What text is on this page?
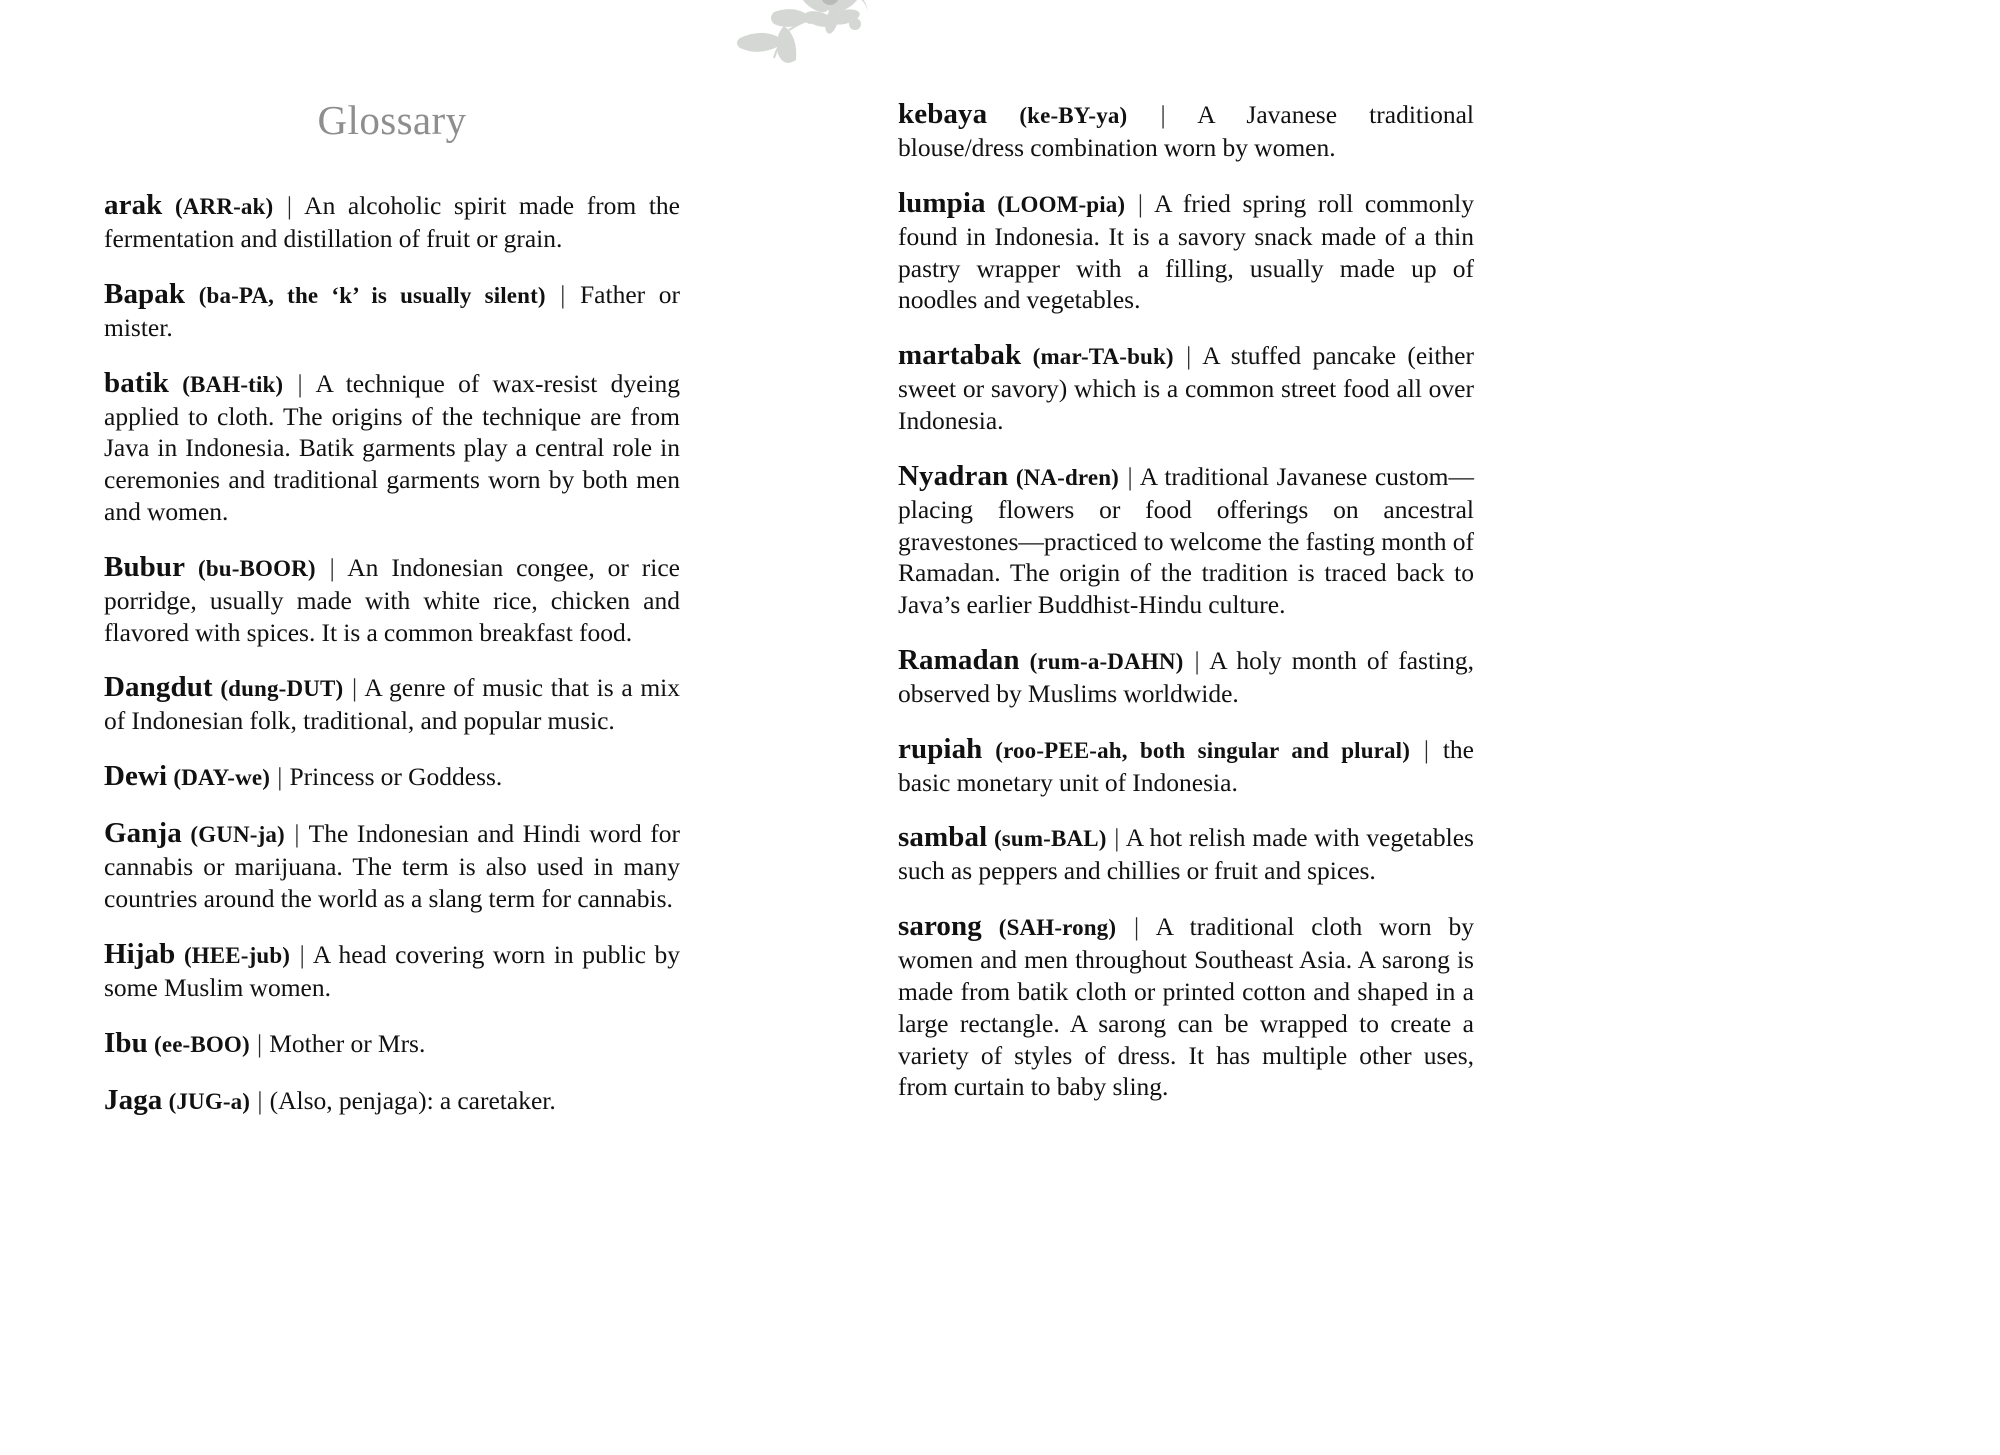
Glossary

arak (ARR-ak) | An alcoholic spirit made from the fermentation and distillation of fruit or grain.

Bapak (ba-PA, the ‘k’ is usually silent) | Father or mister.

batik (BAH-tik) | A technique of wax-resist dyeing applied to cloth. The origins of the technique are from Java in Indonesia. Batik garments play a central role in ceremonies and traditional garments worn by both men and women.

Bubur (bu-BOOR) | An Indonesian congee, or rice porridge, usually made with white rice, chicken and flavored with spices. It is a common breakfast food.

Dangdut (dung-DUT) | A genre of music that is a mix of Indonesian folk, traditional, and popular music.

Dewi (DAY-we) | Princess or Goddess.

Ganja (GUN-ja) | The Indonesian and Hindi word for cannabis or marijuana. The term is also used in many countries around the world as a slang term for cannabis.

Hijab (HEE-jub) | A head covering worn in public by some Muslim women.

Ibu (ee-BOO) | Mother or Mrs.

Jaga (JUG-a) | (Also, penjaga): a caretaker.

kebaya (ke-BY-ya) | A Javanese traditional blouse/dress combination worn by women.

lumpia (LOOM-pia) | A fried spring roll commonly found in Indonesia. It is a savory snack made of a thin pastry wrapper with a filling, usually made up of noodles and vegetables.

martabak (mar-TA-buk) | A stuffed pancake (either sweet or savory) which is a common street food all over Indonesia.

Nyadran (NA-dren) | A traditional Javanese custom—placing flowers or food offerings on ancestral gravestones—practiced to welcome the fasting month of Ramadan. The origin of the tradition is traced back to Java’s earlier Buddhist-Hindu culture.

Ramadan (rum-a-DAHN) | A holy month of fasting, observed by Muslims worldwide.

rupiah (roo-PEE-ah, both singular and plural) | the basic monetary unit of Indonesia.

sambal (sum-BAL) | A hot relish made with vegetables such as peppers and chillies or fruit and spices.

sarong (SAH-rong) | A traditional cloth worn by women and men throughout Southeast Asia. A sarong is made from batik cloth or printed cotton and shaped in a large rectangle. A sarong can be wrapped to create a variety of styles of dress. It has multiple other uses, from curtain to baby sling.
